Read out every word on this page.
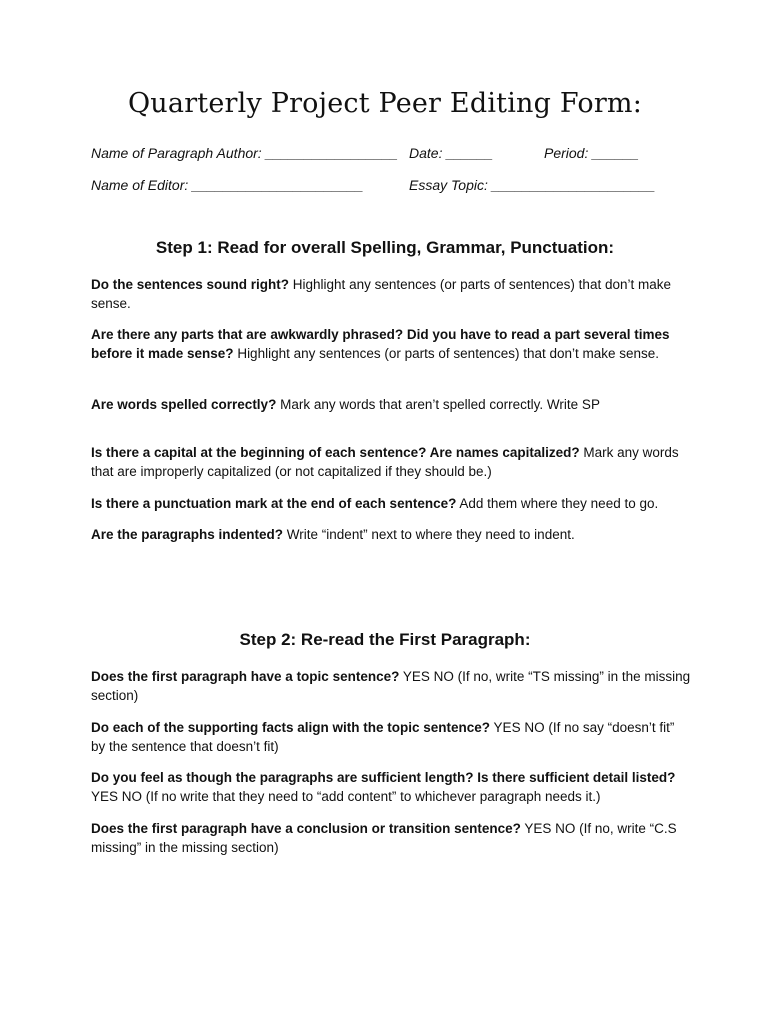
Quarterly Project Peer Editing Form:
Name of Paragraph Author: _________________ Date: ______	Period: ______
Name of Editor: ______________________	Essay Topic: _____________________
Step 1: Read for overall Spelling, Grammar, Punctuation:
Do the sentences sound right? Highlight any sentences (or parts of sentences) that don’t make sense.
Are there any parts that are awkwardly phrased? Did you have to read a part several times before it made sense? Highlight any sentences (or parts of sentences) that don’t make sense.
Are words spelled correctly? Mark any words that aren’t spelled correctly. Write SP
Is there a capital at the beginning of each sentence? Are names capitalized? Mark any words that are improperly capitalized (or not capitalized if they should be.)
Is there a punctuation mark at the end of each sentence? Add them where they need to go.
Are the paragraphs indented? Write “indent” next to where they need to indent.
Step 2: Re-read the First Paragraph:
Does the first paragraph have a topic sentence? YES NO (If no, write “TS missing” in the missing section)
Do each of the supporting facts align with the topic sentence? YES NO (If no say “doesn’t fit” by the sentence that doesn’t fit)
Do you feel as though the paragraphs are sufficient length? Is there sufficient detail listed? YES NO (If no write that they need to “add content” to whichever paragraph needs it.)
Does the first paragraph have a conclusion or transition sentence? YES NO (If no, write “C.S missing” in the missing section)
